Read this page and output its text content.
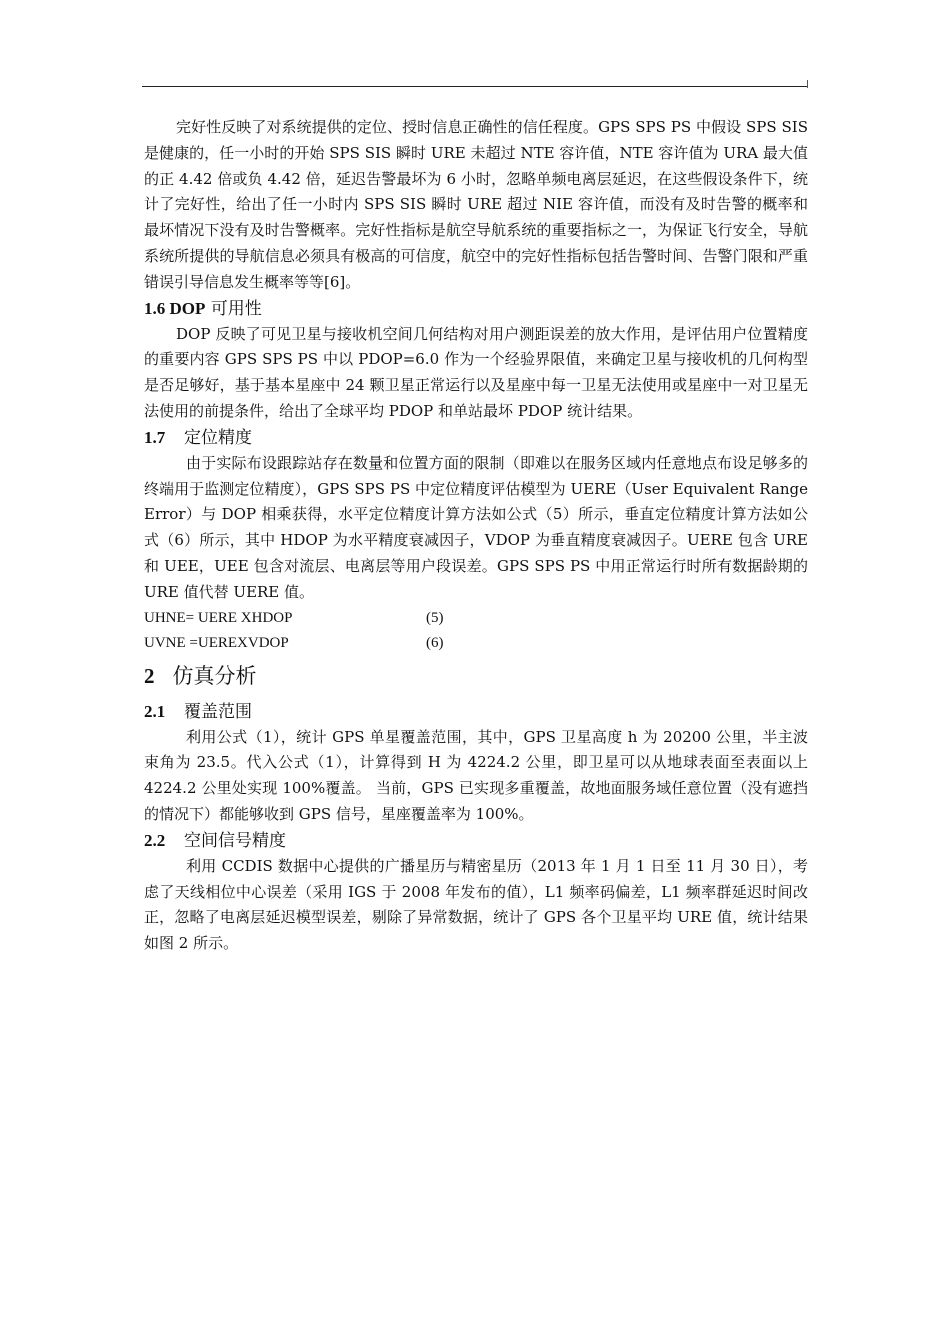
完好性反映了对系统提供的定位、授时信息正确性的信任程度。GPS SPS PS 中假设 SPS SIS 是健康的，任一小时的开始 SPS SIS 瞬时 URE 未超过 NTE 容许值，NTE 容许值为 URA 最大值的正 4.42 倍或负 4.42 倍，延迟告警最坏为 6 小时，忽略单频电离层延迟，在这些假设条件下，统计了完好性，给出了任一小时内 SPS SIS 瞬时 URE 超过 NIE 容许值，而没有及时告警的概率和最坏情况下没有及时告警概率。完好性指标是航空导航系统的重要指标之一，为保证飞行安全，导航系统所提供的导航信息必须具有极高的可信度，航空中的完好性指标包括告警时间、告警门限和严重错误引导信息发生概率等等[6]。

1.6 DOP 可用性

DOP 反映了可见卫星与接收机空间几何结构对用户测距误差的放大作用，是评估用户位置精度的重要内容 GPS SPS PS 中以 PDOP=6.0 作为一个经验界限值，来确定卫星与接收机的几何构型是否足够好，基于基本星座中 24 颗卫星正常运行以及星座中每一卫星无法使用或星座中一对卫星无法使用的前提条件，给出了全球平均 PDOP 和单站最坏 PDOP 统计结果。

1.7 定位精度

由于实际布设跟踪站存在数量和位置方面的限制（即难以在服务区域内任意地点布设足够多的终端用于监测定位精度），GPS SPS PS 中定位精度评估模型为 UERE（User Equivalent Range Error）与 DOP 相乘获得，水平定位精度计算方法如公式（5）所示，垂直定位精度计算方法如公式（6）所示，其中 HDOP 为水平精度衰减因子，VDOP 为垂直精度衰减因子。UERE 包含 URE 和 UEE，UEE 包含对流层、电离层等用户段误差。GPS SPS PS 中用正常运行时所有数据龄期的 URE 值代替 UERE 值。

UHNE= UERE XHDOP	(5)
UVNE =UEREXVDOP	(6)
2 仿真分析
2.1 覆盖范围

利用公式（1），统计 GPS 单星覆盖范围，其中，GPS 卫星高度 h 为 20200 公里，半主波束角为 23.5。代入公式（1），计算得到 H 为 4224.2 公里，即卫星可以从地球表面至表面以上 4224.2 公里处实现 100%覆盖。 当前，GPS 已实现多重覆盖，故地面服务域任意位置（没有遮挡的情况下）都能够收到 GPS 信号，星座覆盖率为 100%。

2.2 空间信号精度

利用 CCDIS 数据中心提供的广播星历与精密星历（2013 年 1 月 1 日至 11 月 30 日），考虑了天线相位中心误差（采用 IGS 于 2008 年发布的值），L1 频率码偏差，L1 频率群延迟时间改正，忽略了电离层延迟模型误差，剔除了异常数据，统计了 GPS 各个卫星平均 URE 值，统计结果如图 2 所示。
